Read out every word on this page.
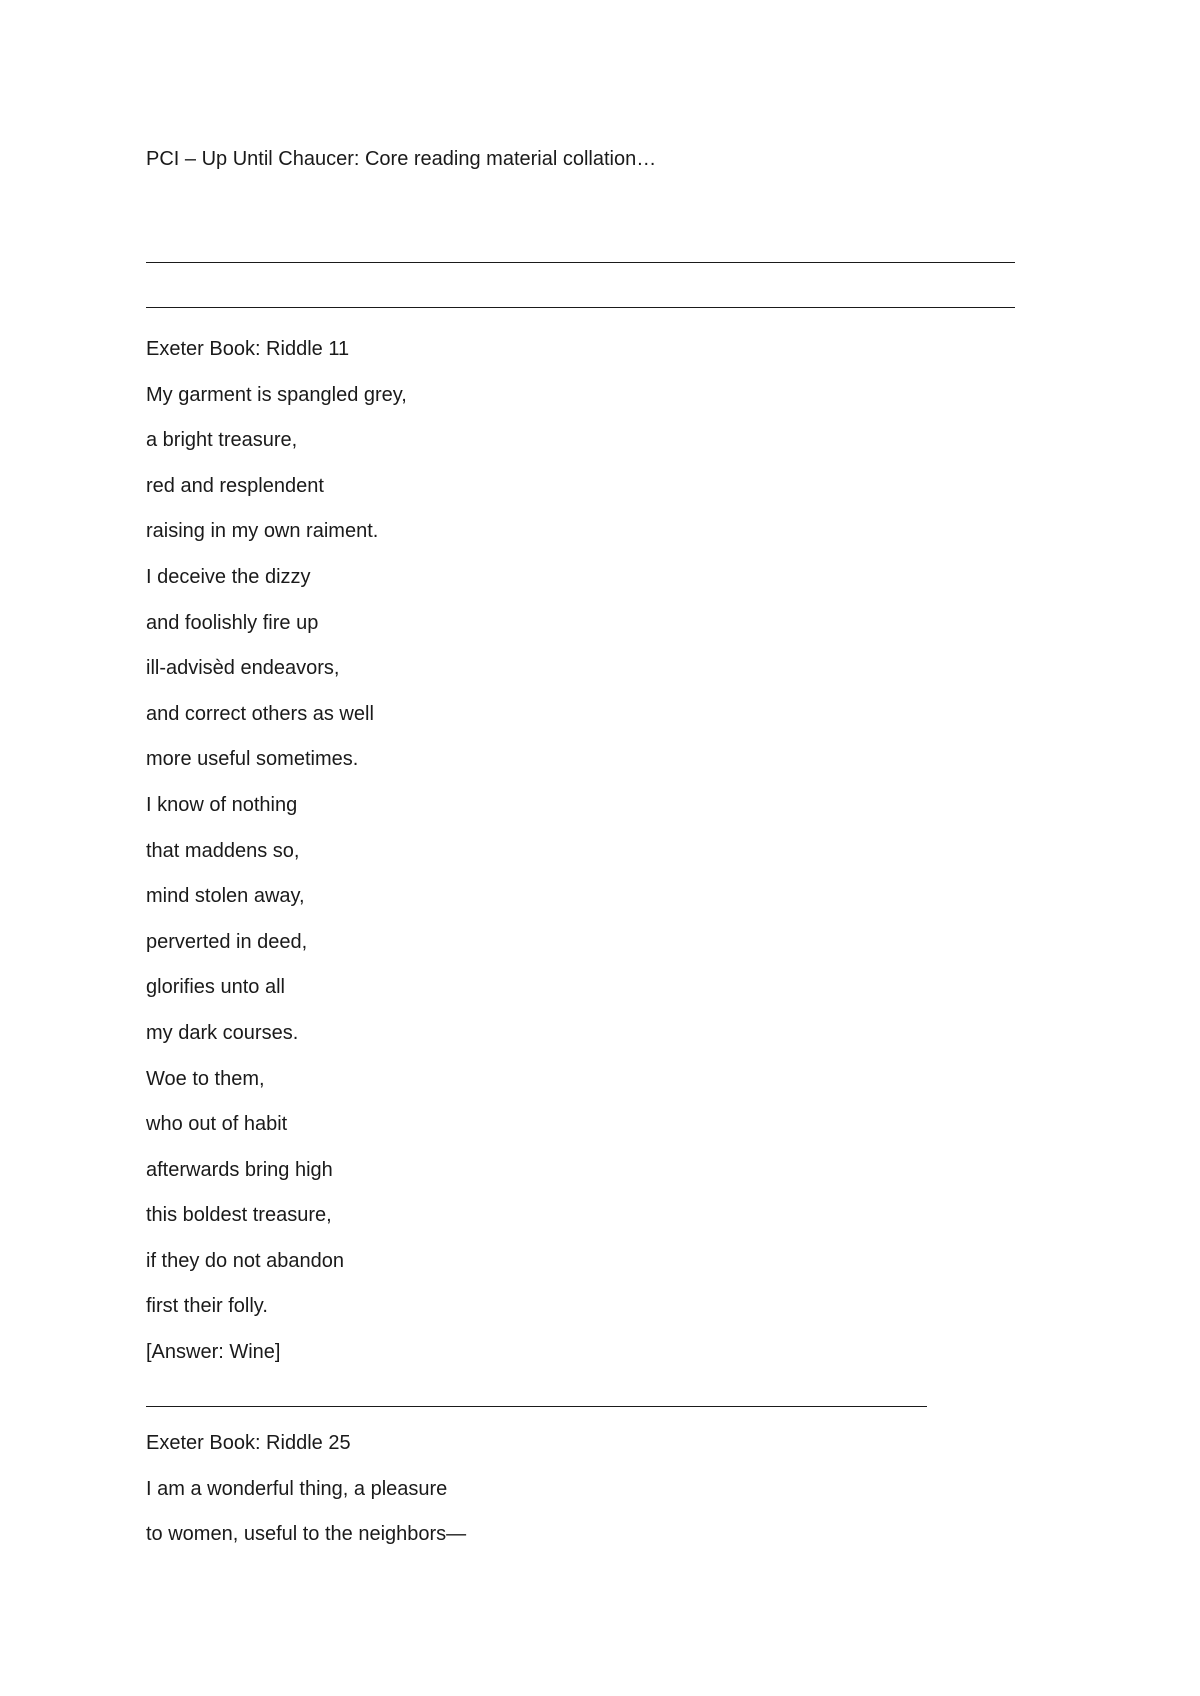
PCI – Up Until Chaucer: Core reading material collation…
Exeter Book: Riddle 11
My garment is spangled grey,
a bright treasure,
red and resplendent
raising in my own raiment.
I deceive the dizzy
and foolishly fire up
ill-advisèd endeavors,
and correct others as well
more useful sometimes.
I know of nothing
that maddens so,
mind stolen away,
perverted in deed,
glorifies unto all
my dark courses.
Woe to them,
who out of habit
afterwards bring high
this boldest treasure,
if they do not abandon
first their folly.
[Answer: Wine]
Exeter Book: Riddle 25
I am a wonderful thing, a pleasure
to women, useful to the neighbors—
